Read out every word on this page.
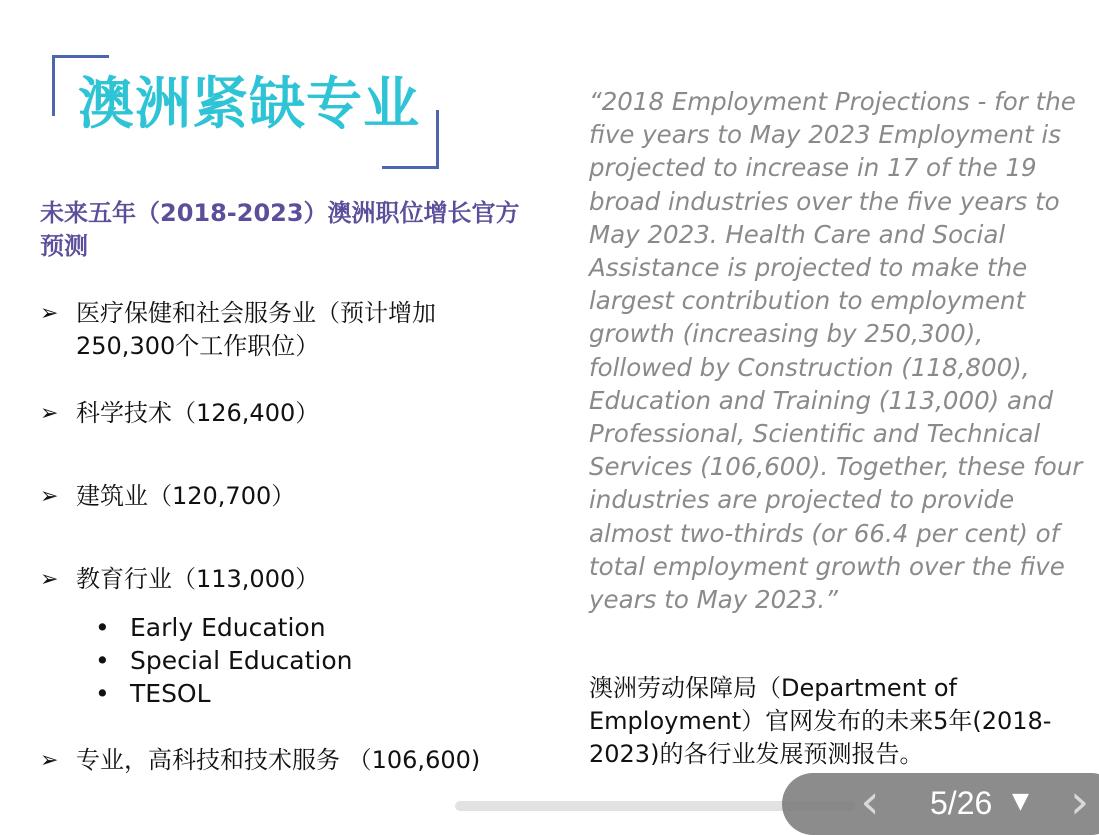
澳洲紧缺专业

未来五年（2018-2023）澳洲职位增长官方预测

➢ 医疗保健和社会服务业（预计增加250,300个工作职位）
➢ 科学技术（126,400）
➢ 建筑业（120,700）
➢ 教育行业（113,000）
• Early Education
• Special Education
• TESOL
➢ 专业，高科技和技术服务 （106,600)

“2018 Employment Projections - for the five years to May 2023 Employment is projected to increase in 17 of the 19 broad industries over the five years to May 2023. Health Care and Social Assistance is projected to make the largest contribution to employment growth (increasing by 250,300), followed by Construction (118,800), Education and Training (113,000) and Professional, Scientific and Technical Services (106,600). Together, these four industries are projected to provide almost two-thirds (or 66.4 per cent) of total employment growth over the five years to May 2023.”

澳洲劳动保障局（Department of Employment）官网发布的未来5年(2018-2023)的各行业发展预测报告。

‹	5/26 ▼ ›
